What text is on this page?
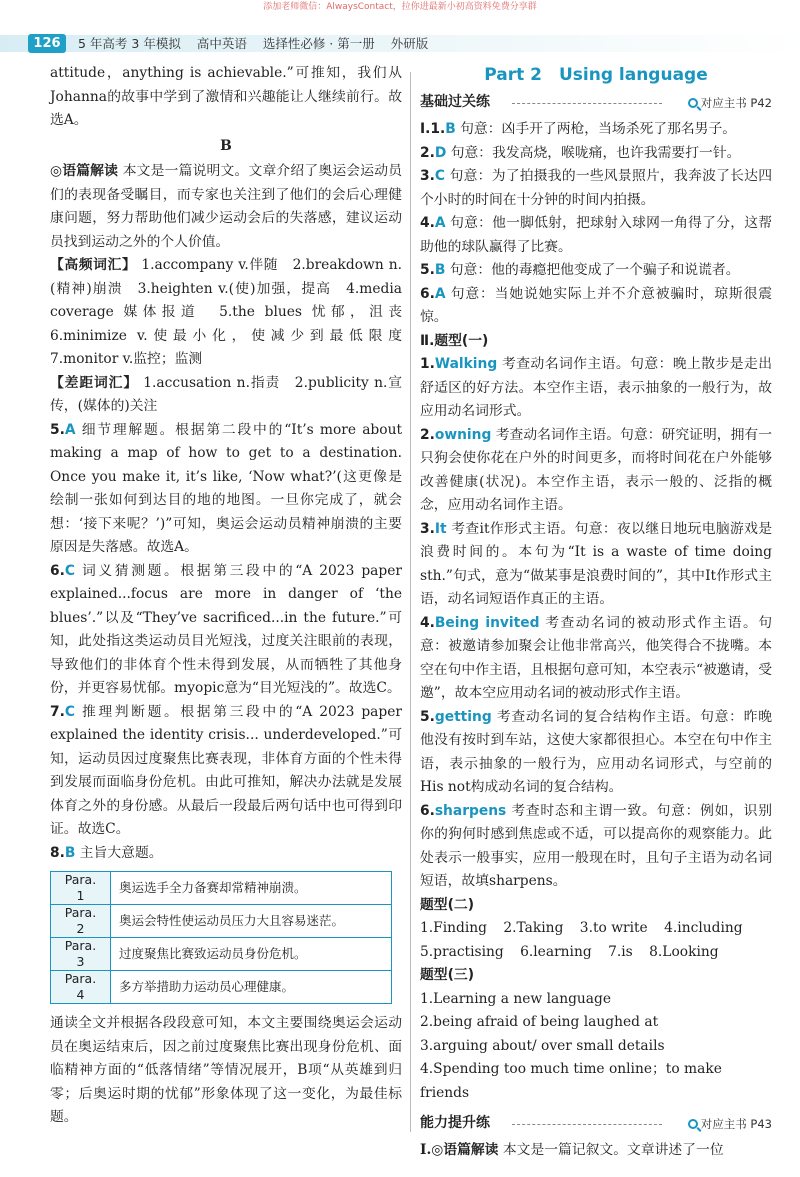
添加老师微信：AlwaysContact，拉你进最新小初高资料免费分享群
126	5 年高考 3 年模拟 高中英语 选择性必修 · 第一册 外研版
attitude，anything is achievable.”可推知，我们从Johanna的故事中学到了激情和兴趣能让人继续前行。故选A。
B
◎语篇解读 本文是一篇说明文。文章介绍了奥运会运动员们的表现备受瞩目，而专家也关注到了他们的会后心理健康问题，努力帮助他们减少运动会后的失落感，建议运动员找到运动之外的个人价值。
【高频词汇】 1.accompany v.伴随　2.breakdown n.(精神)崩溃　3.heighten v.(使)加强，提高　4.media coverage 媒体报道　5.the blues 忧郁，沮丧　6.minimize v.使最小化，使减少到最低限度　7.monitor v.监控；监测
【差距词汇】 1.accusation n.指责　2.publicity n.宣传，(媒体的)关注
5.A 细节理解题。根据第二段中的“It’s more about making a map of how to get to a destination. Once you make it, it’s like, ‘Now what?’(这更像是绘制一张如何到达目的地的地图。一旦你完成了，就会想：‘接下来呢？’)”可知，奥运会运动员精神崩溃的主要原因是失落感。故选A。
6.C 词义猜测题。根据第三段中的“A 2023 paper explained...focus are more in danger of ‘the blues’.”以及“They’ve sacrificed...in the future.”可知，此处指这类运动员目光短浅，过度关注眼前的表现，导致他们的非体育个性未得到发展，从而牺牲了其他身份，并更容易忧郁。myopic意为“目光短浅的”。故选C。
7.C 推理判断题。根据第三段中的“A 2023 paper explained the identity crisis... underdeveloped.”可知，运动员因过度聚焦比赛表现，非体育方面的个性未得到发展而面临身份危机。由此可推知，解决办法就是发展体育之外的身份感。从最后一段最后两句话中也可得到印证。故选C。
8.B 主旨大意题。
Para. 1	奥运选手全力备赛却常精神崩溃。
Para. 2	奥运会特性使运动员压力大且容易迷茫。
Para. 3	过度聚焦比赛致运动员身份危机。
Para. 4	多方举措助力运动员心理健康。
通读全文并根据各段段意可知，本文主要围绕奥运会运动员在奥运结束后，因之前过度聚焦比赛出现身份危机、面临精神方面的“低落情绪”等情况展开，B项“从英雄到归零；后奥运时期的忧郁”形象体现了这一变化，为最佳标题。
Part 2　Using language
基础过关练	对应主书 P42
Ⅰ.1.B 句意：凶手开了两枪，当场杀死了那名男子。
2.D 句意：我发高烧，喉咙痛，也许我需要打一针。
3.C 句意：为了拍摄我的一些风景照片，我奔波了长达四个小时的时间在十分钟的时间内拍摄。
4.A 句意：他一脚低射，把球射入球网一角得了分，这帮助他的球队赢得了比赛。
5.B 句意：他的毒瘾把他变成了一个骗子和说谎者。
6.A 句意：当她说她实际上并不介意被骗时，琼斯很震惊。
Ⅱ.题型(一)
1.Walking 考查动名词作主语。句意：晚上散步是走出舒适区的好方法。本空作主语，表示抽象的一般行为，故应用动名词形式。
2.owning 考查动名词作主语。句意：研究证明，拥有一只狗会使你花在户外的时间更多，而将时间花在户外能够改善健康(状况)。本空作主语，表示一般的、泛指的概念，应用动名词作主语。
3.It 考查it作形式主语。句意：夜以继日地玩电脑游戏是浪费时间的。本句为“It is a waste of time doing sth.”句式，意为“做某事是浪费时间的”，其中It作形式主语，动名词短语作真正的主语。
4.Being invited 考查动名词的被动形式作主语。句意：被邀请参加聚会让他非常高兴，他笑得合不拢嘴。本空在句中作主语，且根据句意可知，本空表示“被邀请，受邀”，故本空应用动名词的被动形式作主语。
5.getting 考查动名词的复合结构作主语。句意：昨晚他没有按时到车站，这使大家都很担心。本空在句中作主语，表示抽象的一般行为，应用动名词形式，与空前的His not构成动名词的复合结构。
6.sharpens 考查时态和主谓一致。句意：例如，识别你的狗何时感到焦虑或不适，可以提高你的观察能力。此处表示一般事实，应用一般现在时，且句子主语为动名词短语，故填sharpens。
题型(二)
1.Finding 2.Taking 3.to write 4.including
5.practising 6.learning 7.is 8.Looking
题型(三)
1.Learning a new language
2.being afraid of being laughed at
3.arguing about/ over small details
4.Spending too much time online；to make friends
能力提升练	对应主书 P43
Ⅰ.◎语篇解读 本文是一篇记叙文。文章讲述了一位
